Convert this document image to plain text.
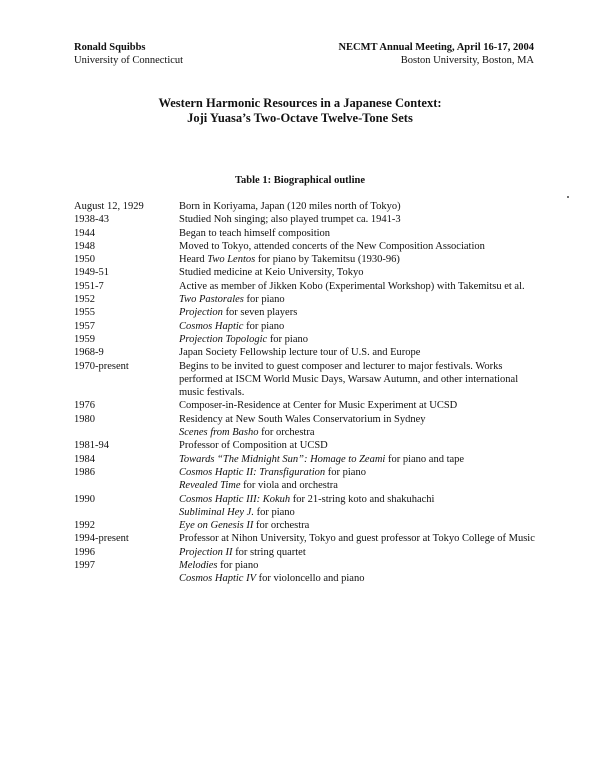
Ronald Squibbs
University of Connecticut
NECMT Annual Meeting, April 16-17, 2004
Boston University, Boston, MA
Western Harmonic Resources in a Japanese Context:
Joji Yuasa’s Two-Octave Twelve-Tone Sets
Table 1: Biographical outline
August 12, 1929	Born in Koriyama, Japan (120 miles north of Tokyo)
1938-43	Studied Noh singing; also played trumpet ca. 1941-3
1944	Began to teach himself composition
1948	Moved to Tokyo, attended concerts of the New Composition Association
1950	Heard Two Lentos for piano by Takemitsu (1930-96)
1949-51	Studied medicine at Keio University, Tokyo
1951-7	Active as member of Jikken Kobo (Experimental Workshop) with Takemitsu et al.
1952	Two Pastorales for piano
1955	Projection for seven players
1957	Cosmos Haptic for piano
1959	Projection Topologic for piano
1968-9	Japan Society Fellowship lecture tour of U.S. and Europe
1970-present	Begins to be invited to guest composer and lecturer to major festivals. Works performed at ISCM World Music Days, Warsaw Autumn, and other international music festivals.
1976	Composer-in-Residence at Center for Music Experiment at UCSD
1980	Residency at New South Wales Conservatorium in Sydney
Scenes from Basho for orchestra
1981-94	Professor of Composition at UCSD
1984	Towards “The Midnight Sun”: Homage to Zeami for piano and tape
1986	Cosmos Haptic II: Transfiguration for piano
Revealed Time for viola and orchestra
1990	Cosmos Haptic III: Kokuh for 21-string koto and shakuhachi
Subliminal Hey J. for piano
1992	Eye on Genesis II for orchestra
1994-present	Professor at Nihon University, Tokyo and guest professor at Tokyo College of Music
1996	Projection II for string quartet
1997	Melodies for piano
Cosmos Haptic IV for violoncello and piano
